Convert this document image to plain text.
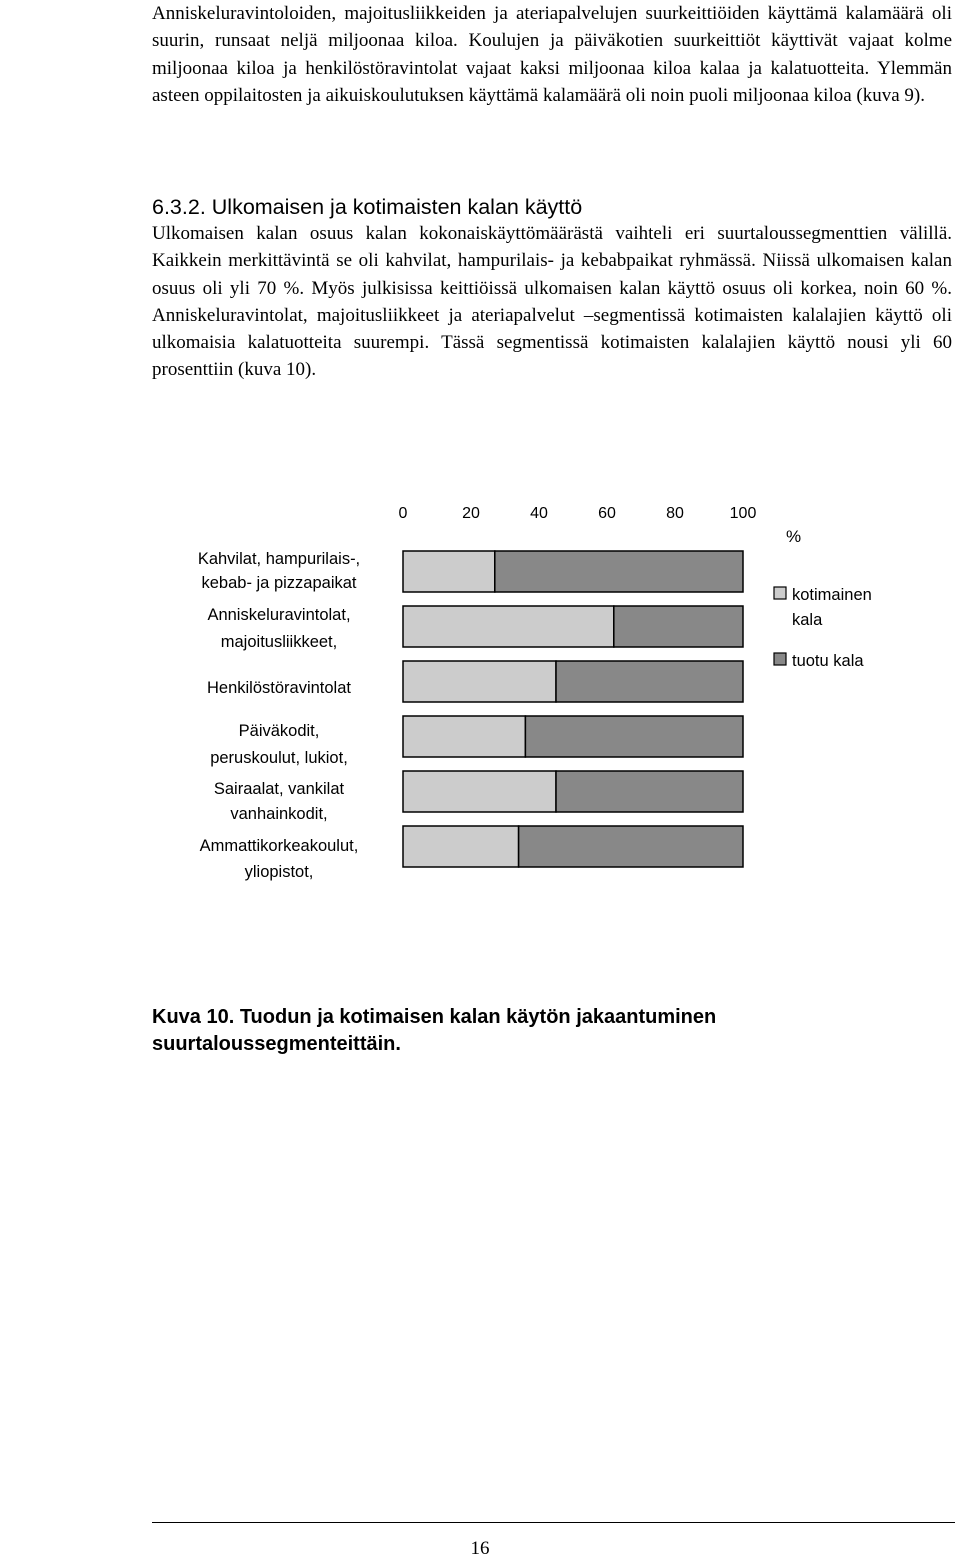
Anniskeluravintoloiden, majoitusliikkeiden ja ateriapalvelujen suurkeittiöiden käyttämä kalamäärä oli suurin, runsaat neljä miljoonaa kiloa. Koulujen ja päiväkotien suurkeittiöt käyttivät vajaat kolme miljoonaa kiloa ja henkilöstöravintolat vajaat kaksi miljoonaa kiloa kalaa ja kalatuotteita. Ylemmän asteen oppilaitosten ja aikuiskoulutuksen käyttämä kalamäärä oli noin puoli miljoonaa kiloa (kuva 9).

6.3.2. Ulkomaisen ja kotimaisten kalan käyttö

Ulkomaisen kalan osuus kalan kokonaiskäyttömäärästä vaihteli eri suurtaloussegmenttien välillä. Kaikkein merkittävintä se oli kahvilat, hampurilais- ja kebabpaikat ryhmässä. Niissä ulkomaisen kalan osuus oli yli 70 %. Myös julkisissa keittiöissä ulkomaisen kalan käyttö osuus oli korkea, noin 60 %. Anniskeluravintolat, majoitusliikkeet ja ateriapalvelut –segmentissä kotimaisten kalalajien käyttö oli ulkomaisia kalatuotteita suurempi. Tässä segmentissä kotimaisten kalalajien käyttö nousi yli 60 prosenttiin (kuva 10).

0	20	40	60	80	100
%
Kahvilat, hampurilais-,
kebab- ja pizzapaikat
Anniskeluravintolat,
majoitusliikkeet,
Henkilöstöravintolat
Päiväkodit,
peruskoulut, lukiot,
Sairaalat, vankilat
vanhainkodit,
Ammattikorkeakoulut,
yliopistot,
kotimainen
kala
tuotu kala

Kuva 10. Tuodun ja kotimaisen kalan käytön jakaantuminen suurtaloussegmenteittäin.

16
